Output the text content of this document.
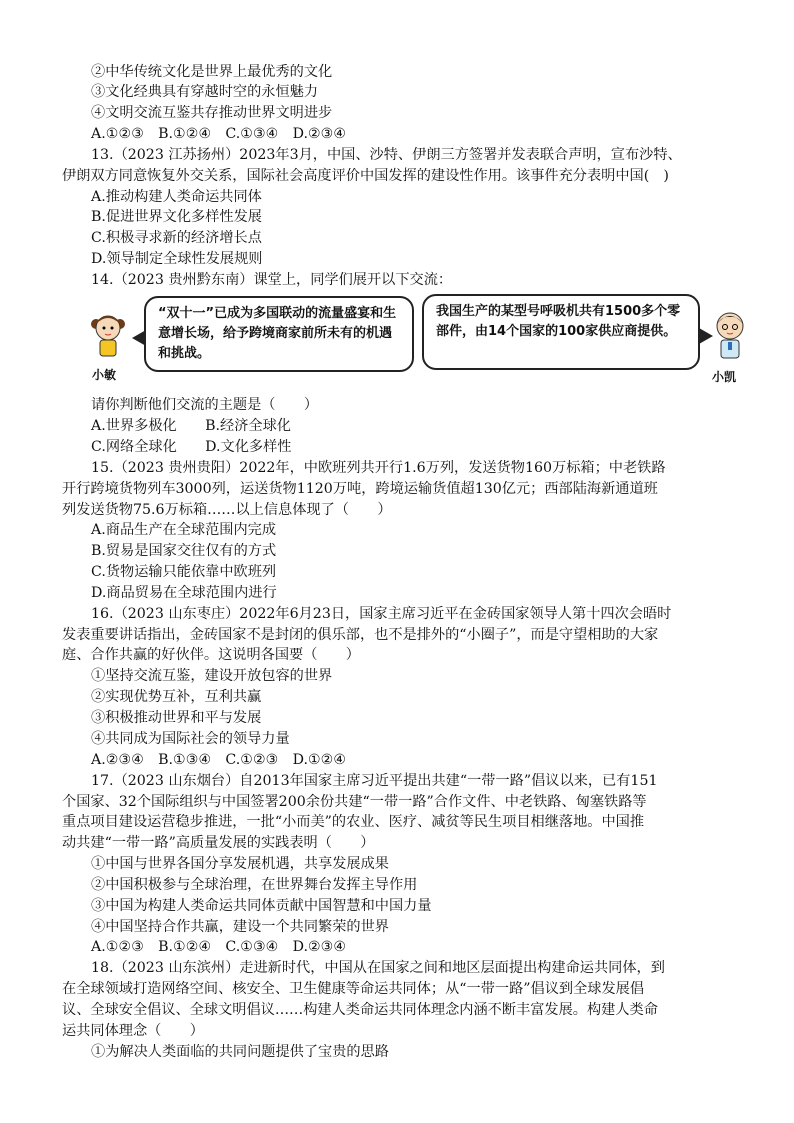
②中华传统文化是世界上最优秀的文化
③文化经典具有穿越时空的永恒魅力
④文明交流互鉴共存推动世界文明进步
A.①②③　B.①②④　C.①③④　D.②③④
13.（2023 江苏扬州）2023年3月，中国、沙特、伊朗三方签署并发表联合声明，宣布沙特、
伊朗双方同意恢复外交关系，国际社会高度评价中国发挥的建设性作用。该事件充分表明中国(　)
A.推动构建人类命运共同体
B.促进世界文化多样性发展
C.积极寻求新的经济增长点
D.领导制定全球性发展规则
14.（2023 贵州黔东南）课堂上，同学们展开以下交流：
小敏
“双十一”已成为多国联动的流量盛宴和生意增长场，给予跨境商家前所未有的机遇和挑战。
我国生产的某型号呼吸机共有1500多个零部件，由14个国家的100家供应商提供。
小凯
请你判断他们交流的主题是（　　）
A.世界多极化　　B.经济全球化
C.网络全球化　　D.文化多样性
15.（2023 贵州贵阳）2022年，中欧班列共开行1.6万列，发送货物160万标箱；中老铁路
开行跨境货物列车3000列，运送货物1120万吨，跨境运输货值超130亿元；西部陆海新通道班
列发送货物75.6万标箱……以上信息体现了（　　）
A.商品生产在全球范围内完成
B.贸易是国家交往仅有的方式
C.货物运输只能依靠中欧班列
D.商品贸易在全球范围内进行
16.（2023 山东枣庄）2022年6月23日，国家主席习近平在金砖国家领导人第十四次会晤时
发表重要讲话指出，金砖国家不是封闭的俱乐部，也不是排外的“小圈子”，而是守望相助的大家
庭、合作共赢的好伙伴。这说明各国要（　　）
①坚持交流互鉴，建设开放包容的世界
②实现优势互补，互利共赢
③积极推动世界和平与发展
④共同成为国际社会的领导力量
A.②③④　B.①③④　C.①②③　D.①②④
17.（2023 山东烟台）自2013年国家主席习近平提出共建“一带一路”倡议以来，已有151
个国家、32个国际组织与中国签署200余份共建“一带一路”合作文件、中老铁路、匈塞铁路等
重点项目建设运营稳步推进，一批“小而美”的农业、医疗、减贫等民生项目相继落地。中国推
动共建“一带一路”高质量发展的实践表明（　　）
①中国与世界各国分享发展机遇，共享发展成果
②中国积极参与全球治理，在世界舞台发挥主导作用
③中国为构建人类命运共同体贡献中国智慧和中国力量
④中国坚持合作共赢，建设一个共同繁荣的世界
A.①②③　B.①②④　C.①③④　D.②③④
18.（2023 山东滨州）走进新时代，中国从在国家之间和地区层面提出构建命运共同体，到
在全球领域打造网络空间、核安全、卫生健康等命运共同体；从“一带一路”倡议到全球发展倡
议、全球安全倡议、全球文明倡议……构建人类命运共同体理念内涵不断丰富发展。构建人类命
运共同体理念（　　）
①为解决人类面临的共同问题提供了宝贵的思路
